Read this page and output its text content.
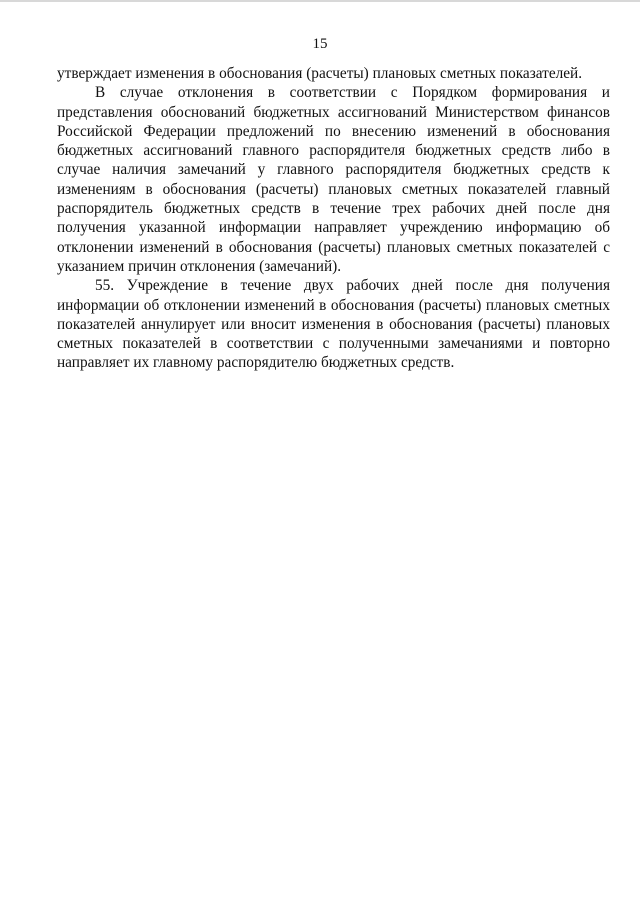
15

утверждает изменения в обоснования (расчеты) плановых сметных показателей.

В случае отклонения в соответствии с Порядком формирования и представления обоснований бюджетных ассигнований Министерством финансов Российской Федерации предложений по внесению изменений в обоснования бюджетных ассигнований главного распорядителя бюджетных средств либо в случае наличия замечаний у главного распорядителя бюджетных средств к изменениям в обоснования (расчеты) плановых сметных показателей главный распорядитель бюджетных средств в течение трех рабочих дней после дня получения указанной информации направляет учреждению информацию об отклонении изменений в обоснования (расчеты) плановых сметных показателей с указанием причин отклонения (замечаний).

55. Учреждение в течение двух рабочих дней после дня получения информации об отклонении изменений в обоснования (расчеты) плановых сметных показателей аннулирует или вносит изменения в обоснования (расчеты) плановых сметных показателей в соответствии с полученными замечаниями и повторно направляет их главному распорядителю бюджетных средств.
